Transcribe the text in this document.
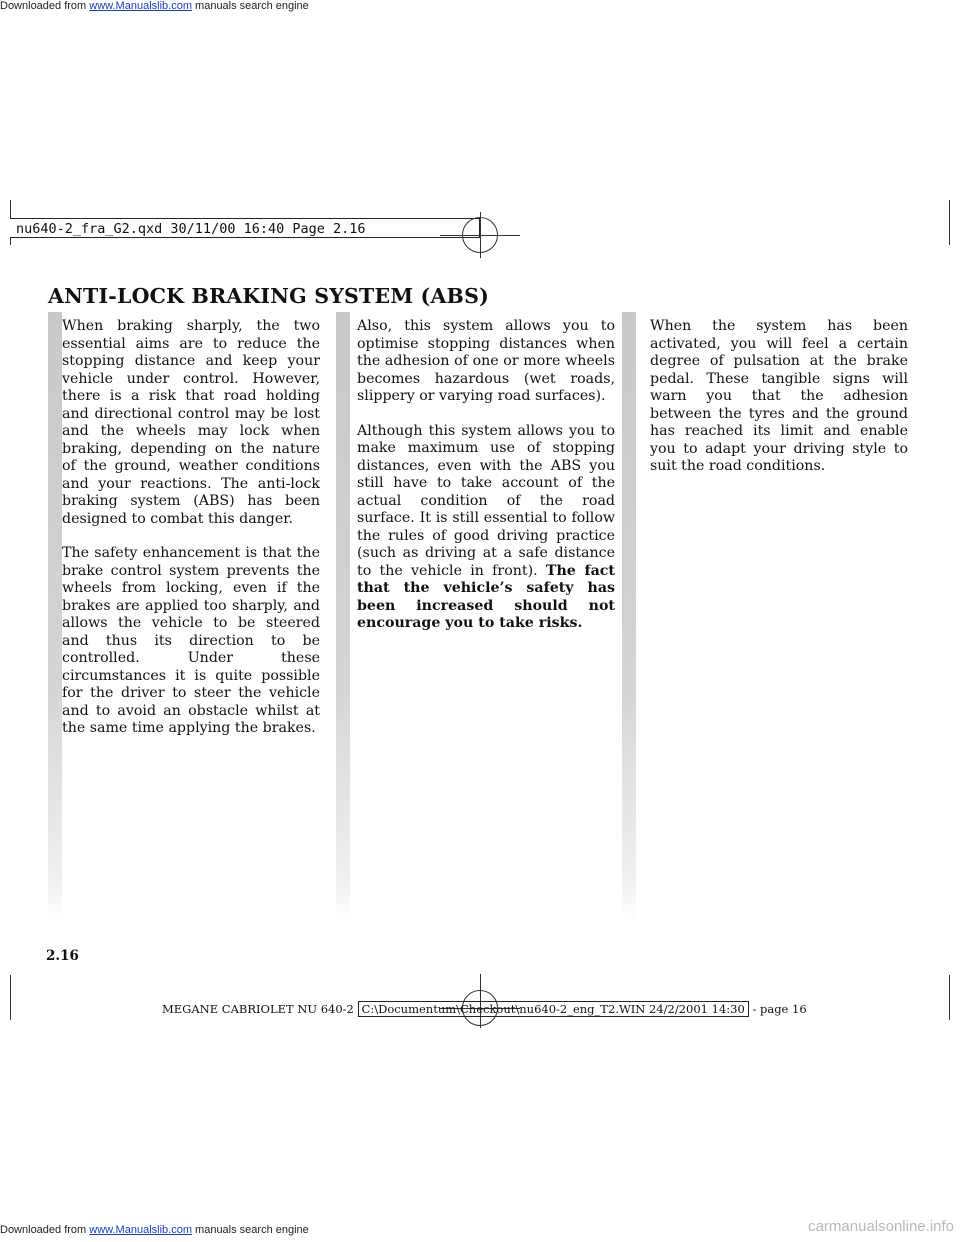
Downloaded from www.Manualslib.com manuals search engine
nu640-2_fra_G2.qxd 30/11/00 16:40 Page 2.16
ANTI-LOCK BRAKING SYSTEM (ABS)

When braking sharply, the two essential aims are to reduce the stopping distance and keep your vehicle under control. However, there is a risk that road holding and directional control may be lost and the wheels may lock when braking, depending on the nature of the ground, weather conditions and your reactions. The anti-lock braking system (ABS) has been designed to combat this danger.

The safety enhancement is that the brake control system prevents the wheels from locking, even if the brakes are applied too sharply, and allows the vehicle to be steered and thus its direction to be controlled. Under these circumstances it is quite possible for the driver to steer the vehicle and to avoid an obstacle whilst at the same time applying the brakes.

Also, this system allows you to optimise stopping distances when the adhesion of one or more wheels becomes hazardous (wet roads, slippery or varying road surfaces).

Although this system allows you to make maximum use of stopping distances, even with the ABS you still have to take account of the actual condition of the road surface. It is still essential to follow the rules of good driving practice (such as driving at a safe distance to the vehicle in front). The fact that the vehicle’s safety has been increased should not encourage you to take risks.

When the system has been activated, you will feel a certain degree of pulsation at the brake pedal. These tangible signs will warn you that the adhesion between the tyres and the ground has reached its limit and enable you to adapt your driving style to suit the road conditions.

2.16
MEGANE CABRIOLET NU 640-2 C:\Documentum\Checkout\nu640-2_eng_T2.WIN 24/2/2001 14:30 - page 16
Downloaded from www.Manualslib.com manuals search engine	carmanualsonline.info
